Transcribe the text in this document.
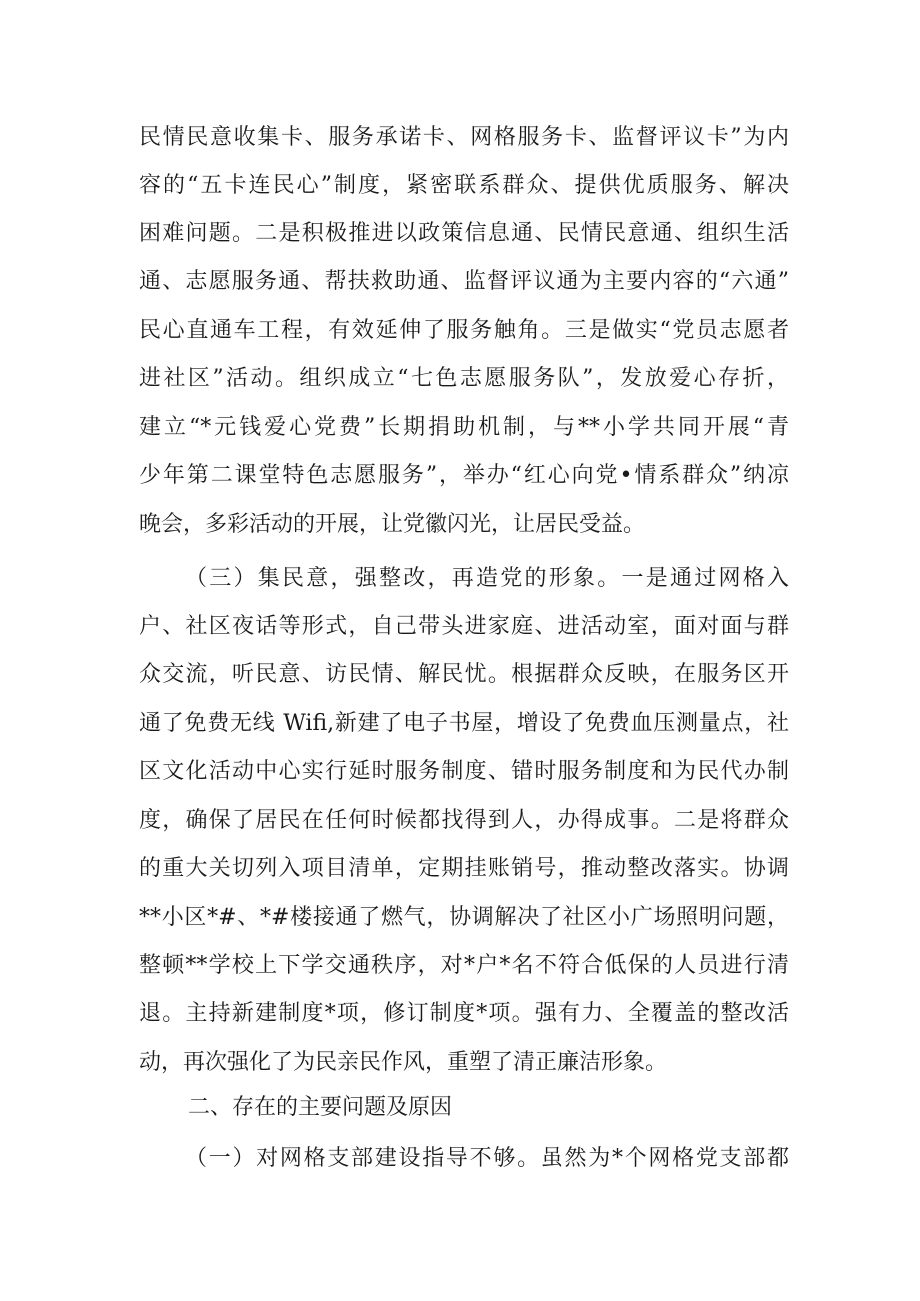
民情民意收集卡、服务承诺卡、网格服务卡、监督评议卡”为内
容的“五卡连民心”制度，紧密联系群众、提供优质服务、解决
困难问题。二是积极推进以政策信息通、民情民意通、组织生活
通、志愿服务通、帮扶救助通、监督评议通为主要内容的“六通”
民心直通车工程，有效延伸了服务触角。三是做实“党员志愿者
进社区”活动。组织成立“七色志愿服务队”，发放爱心存折，
建立“*元钱爱心党费”长期捐助机制，与**小学共同开展“青
少年第二课堂特色志愿服务”，举办“红心向党•情系群众”纳凉
晚会，多彩活动的开展，让党徽闪光，让居民受益。
（三）集民意，强整改，再造党的形象。一是通过网格入
户、社区夜话等形式，自己带头进家庭、进活动室，面对面与群
众交流，听民意、访民情、解民忧。根据群众反映，在服务区开
通了免费无线 Wifi,新建了电子书屋，增设了免费血压测量点，社
区文化活动中心实行延时服务制度、错时服务制度和为民代办制
度，确保了居民在任何时候都找得到人，办得成事。二是将群众
的重大关切列入项目清单，定期挂账销号，推动整改落实。协调
**小区*#、*#楼接通了燃气，协调解决了社区小广场照明问题，
整顿**学校上下学交通秩序，对*户*名不符合低保的人员进行清
退。主持新建制度*项，修订制度*项。强有力、全覆盖的整改活
动，再次强化了为民亲民作风，重塑了清正廉洁形象。
二、存在的主要问题及原因
（一）对网格支部建设指导不够。虽然为*个网格党支部都
